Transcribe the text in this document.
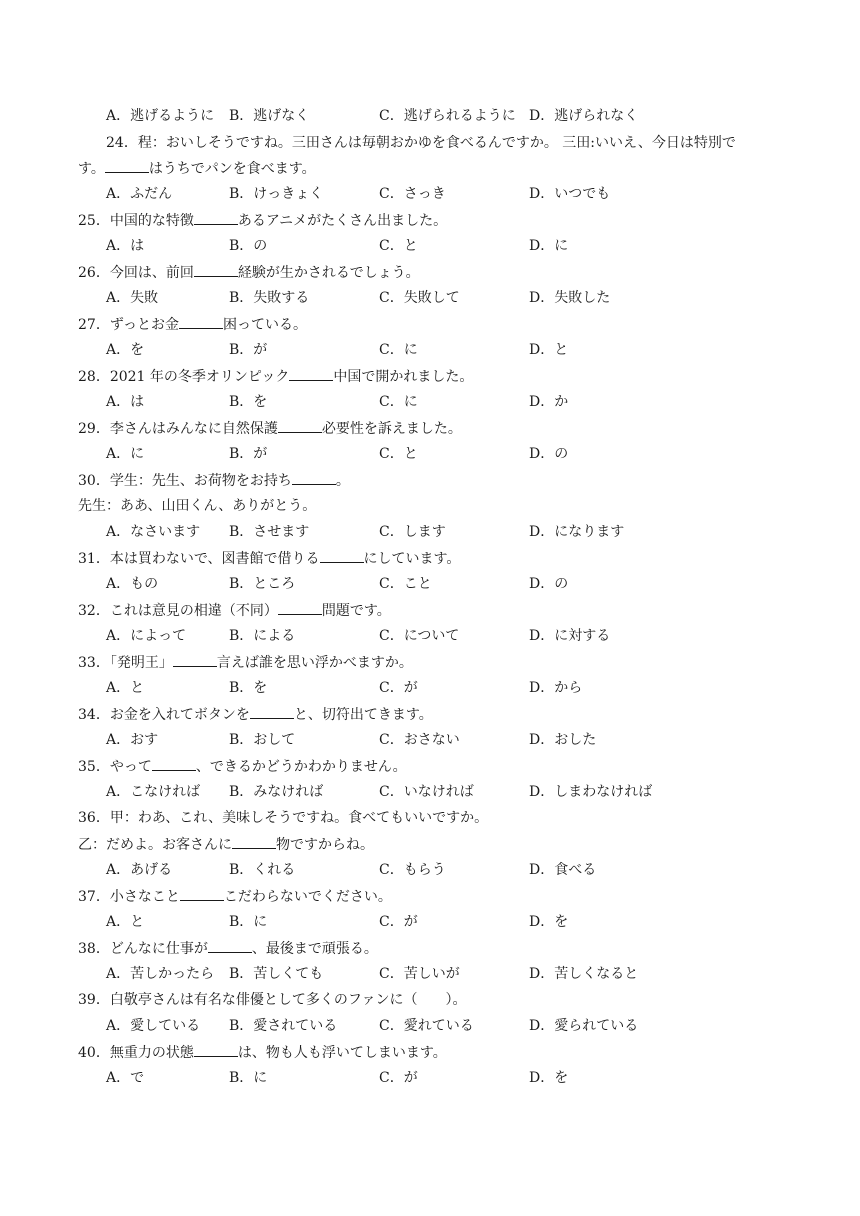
A．逃げるように B．逃げなく	C．逃げられるように D．逃げられなく
24．程：おいしそうですね。三田さんは毎朝おかゆを食べるんですか。 三田:いいえ、今日は特別で
す。	はうちでパンを食べます。
A．ふだん	B．けっきょく	C．さっき	D．いつでも
25．中国的な特徴	あるアニメがたくさん出ました。
A．は	B．の	C．と	D．に
26．今回は、前回	経験が生かされるでしょう。
A．失敗	B．失敗する	C．失敗して	D．失敗した
27．ずっとお金	困っている。
A．を	B．が	C．に	D．と
28．2021 年の冬季オリンピック	中国で開かれました。
A．は	B．を	C．に	D．か
29．李さんはみんなに自然保護	必要性を訴えました。
A．に	B．が	C．と	D．の
30．学生：先生、お荷物をお持ち	。
先生：ああ、山田くん、ありがとう。
A．なさいます B．させます	C．します	D．になります
31．本は買わないで、図書館で借りる	にしています。
A．もの	B．ところ	C．こと	D．の
32．これは意見の相違（不同）	問題です。
A．によって	B．による	C．について	D．に対する
33．「発明王」	言えば誰を思い浮かべますか。
A．と	B．を	C．が	D．から
34．お金を入れてボタンを	と、切符出てきます。
A．おす	B．おして	C．おさない	D．おした
35．やって	、できるかどうかわかりません。
A．こなければ B．みなければ	C．いなければ	D．しまわなければ
36．甲：わあ、これ、美味しそうですね。食べてもいいですか。
乙：だめよ。お客さんに	物ですからね。
A．あげる	B．くれる	C．もらう	D．食べる
37．小さなこと	こだわらないでください。
A．と	B．に	C．が	D．を
38．どんなに仕事が	、最後まで頑張る。
A．苦しかったら B．苦しくても	C．苦しいが	D．苦しくなると
39．白敬亭さんは有名な俳優として多くのファンに（　　）。
A．愛している B．愛されている	C．愛れている	D．愛られている
40．無重力の状態	は、物も人も浮いてしまいます。
A．で	B．に	C．が	D．を
